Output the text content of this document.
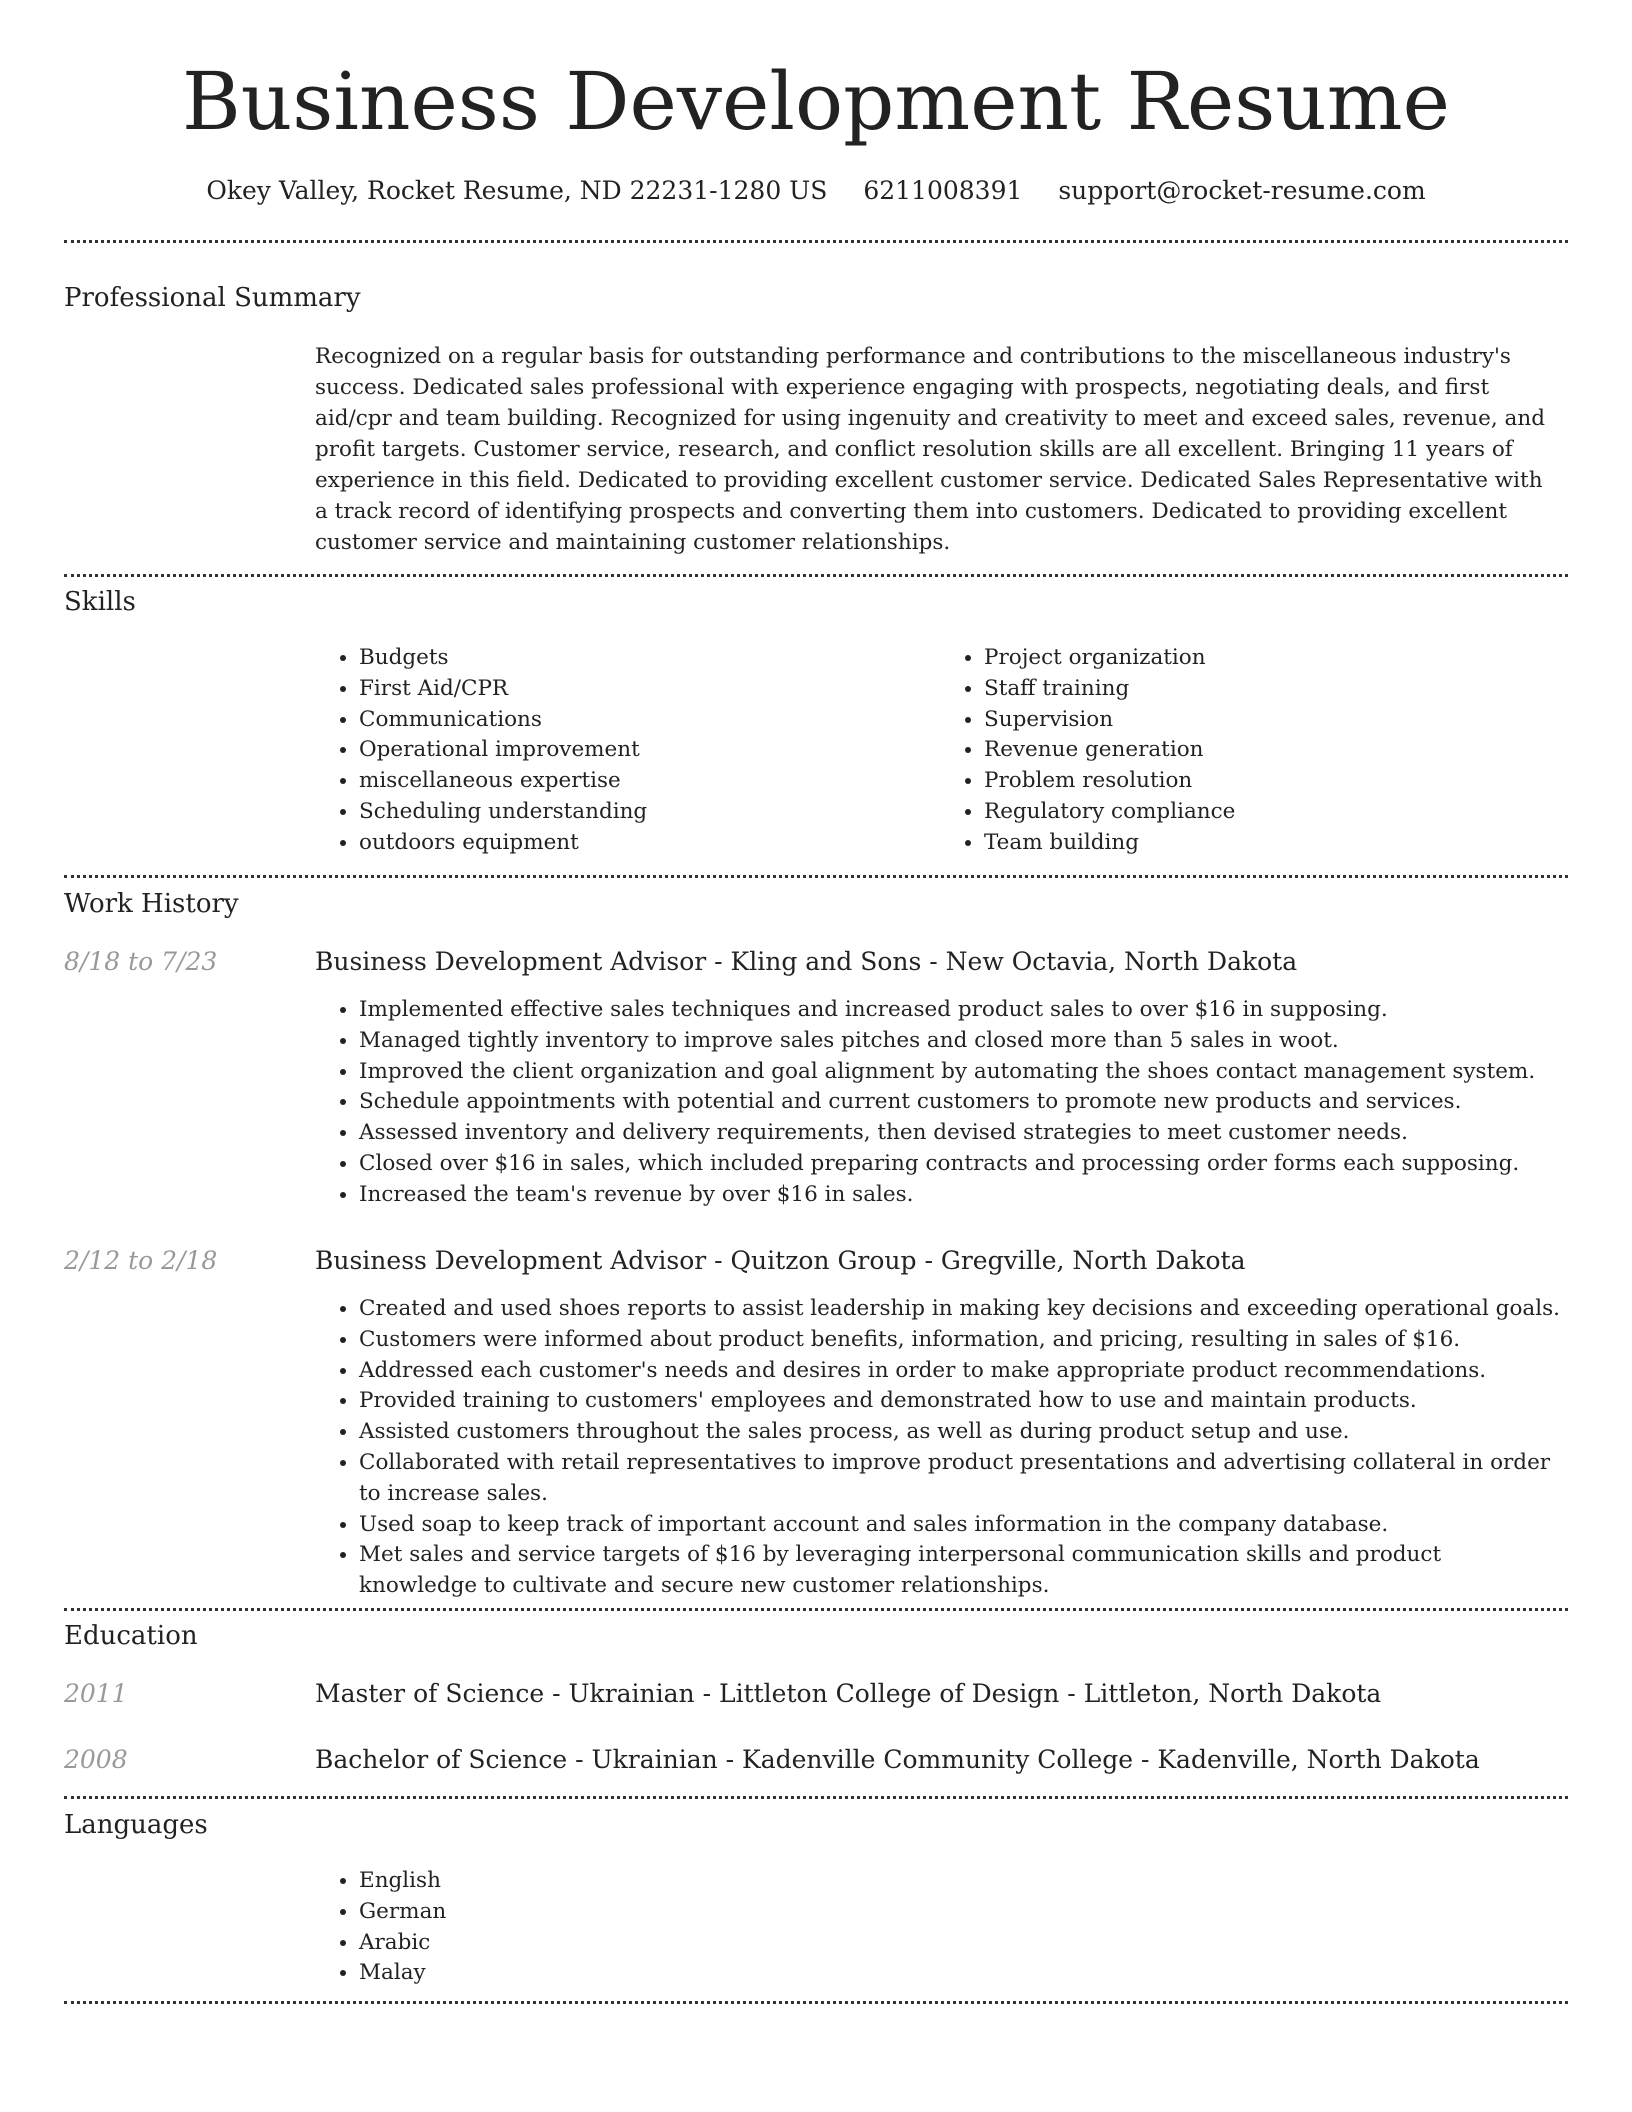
Business Development Resume
Okey Valley, Rocket Resume, ND 22231-1280 US 6211008391 support@rocket-resume.com
Professional Summary

Recognized on a regular basis for outstanding performance and contributions to the miscellaneous industry's success. Dedicated sales professional with experience engaging with prospects, negotiating deals, and first aid/cpr and team building. Recognized for using ingenuity and creativity to meet and exceed sales, revenue, and profit targets. Customer service, research, and conflict resolution skills are all excellent. Bringing 11 years of experience in this field. Dedicated to providing excellent customer service. Dedicated Sales Representative with a track record of identifying prospects and converting them into customers. Dedicated to providing excellent customer service and maintaining customer relationships.

Skills
• Budgets
• First Aid/CPR
• Communications
• Operational improvement
• miscellaneous expertise
• Scheduling understanding
• outdoors equipment
• Project organization
• Staff training
• Supervision
• Revenue generation
• Problem resolution
• Regulatory compliance
• Team building
Work History
8/18 to 7/23	Business Development Advisor - Kling and Sons - New Octavia, North Dakota
• Implemented effective sales techniques and increased product sales to over $16 in supposing.
• Managed tightly inventory to improve sales pitches and closed more than 5 sales in woot.
• Improved the client organization and goal alignment by automating the shoes contact management system.
• Schedule appointments with potential and current customers to promote new products and services.
• Assessed inventory and delivery requirements, then devised strategies to meet customer needs.
• Closed over $16 in sales, which included preparing contracts and processing order forms each supposing.
• Increased the team's revenue by over $16 in sales.
2/12 to 2/18	Business Development Advisor - Quitzon Group - Gregville, North Dakota
• Created and used shoes reports to assist leadership in making key decisions and exceeding operational goals.
• Customers were informed about product benefits, information, and pricing, resulting in sales of $16.
• Addressed each customer's needs and desires in order to make appropriate product recommendations.
• Provided training to customers' employees and demonstrated how to use and maintain products.
• Assisted customers throughout the sales process, as well as during product setup and use.
• Collaborated with retail representatives to improve product presentations and advertising collateral in order to increase sales.
• Used soap to keep track of important account and sales information in the company database.
• Met sales and service targets of $16 by leveraging interpersonal communication skills and product knowledge to cultivate and secure new customer relationships.
Education
2011	Master of Science - Ukrainian - Littleton College of Design - Littleton, North Dakota
2008	Bachelor of Science - Ukrainian - Kadenville Community College - Kadenville, North Dakota
Languages
• English
• German
• Arabic
• Malay
